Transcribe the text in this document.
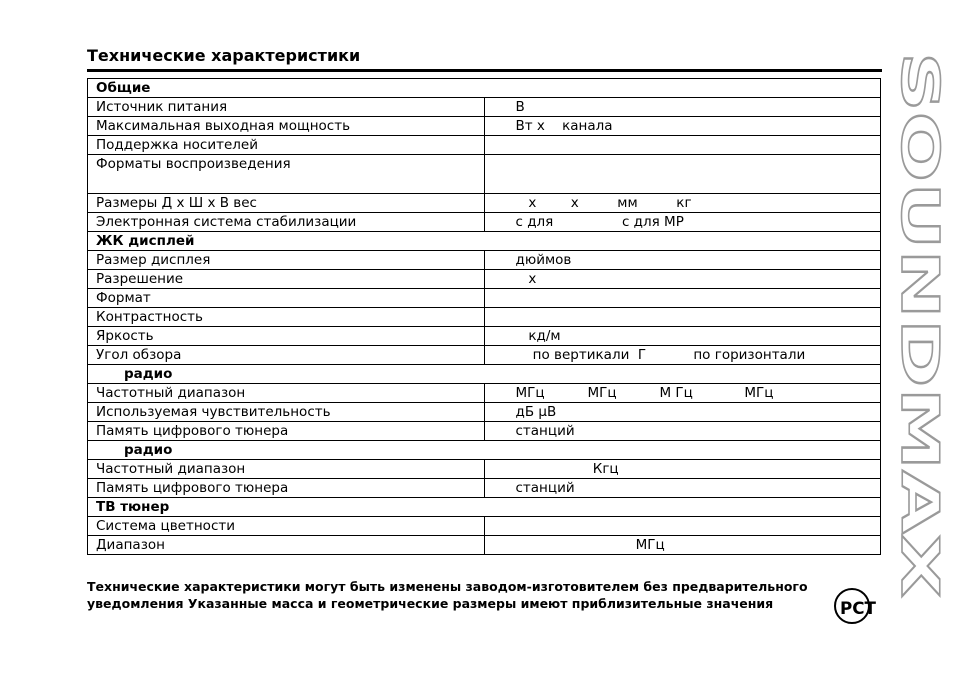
Технические характеристики
Общие	
Источник питания	В
Максимальная выходная мощность	Вт х    канала
Поддержка носителей	
Форматы воспроизведения	
Размеры Д х Ш х В вес	х        х         мм         кг
Электронная система стабилизации	с для                с для MP
ЖК дисплей	
Размер дисплея	дюймов
Разрешение	х
Формат	
Контрастность	
Яркость	кд/м
Угол обзора	по вертикали  Г           по горизонтали
радио	
Частотный диапазон	МГц          МГц          М Гц            МГц
Используемая чувствительность	дБ µВ
Память цифрового тюнера	станций
радио	
Частотный диапазон	Кгц
Память цифрового тюнера	станций
ТВ тюнер	
Система цветности	
Диапазон	МГц
Технические характеристики могут быть изменены заводом-изготовителем без предварительного
уведомления Указанные масса и геометрические размеры имеют приблизительные значения
SOUNDMAX
РСТ
